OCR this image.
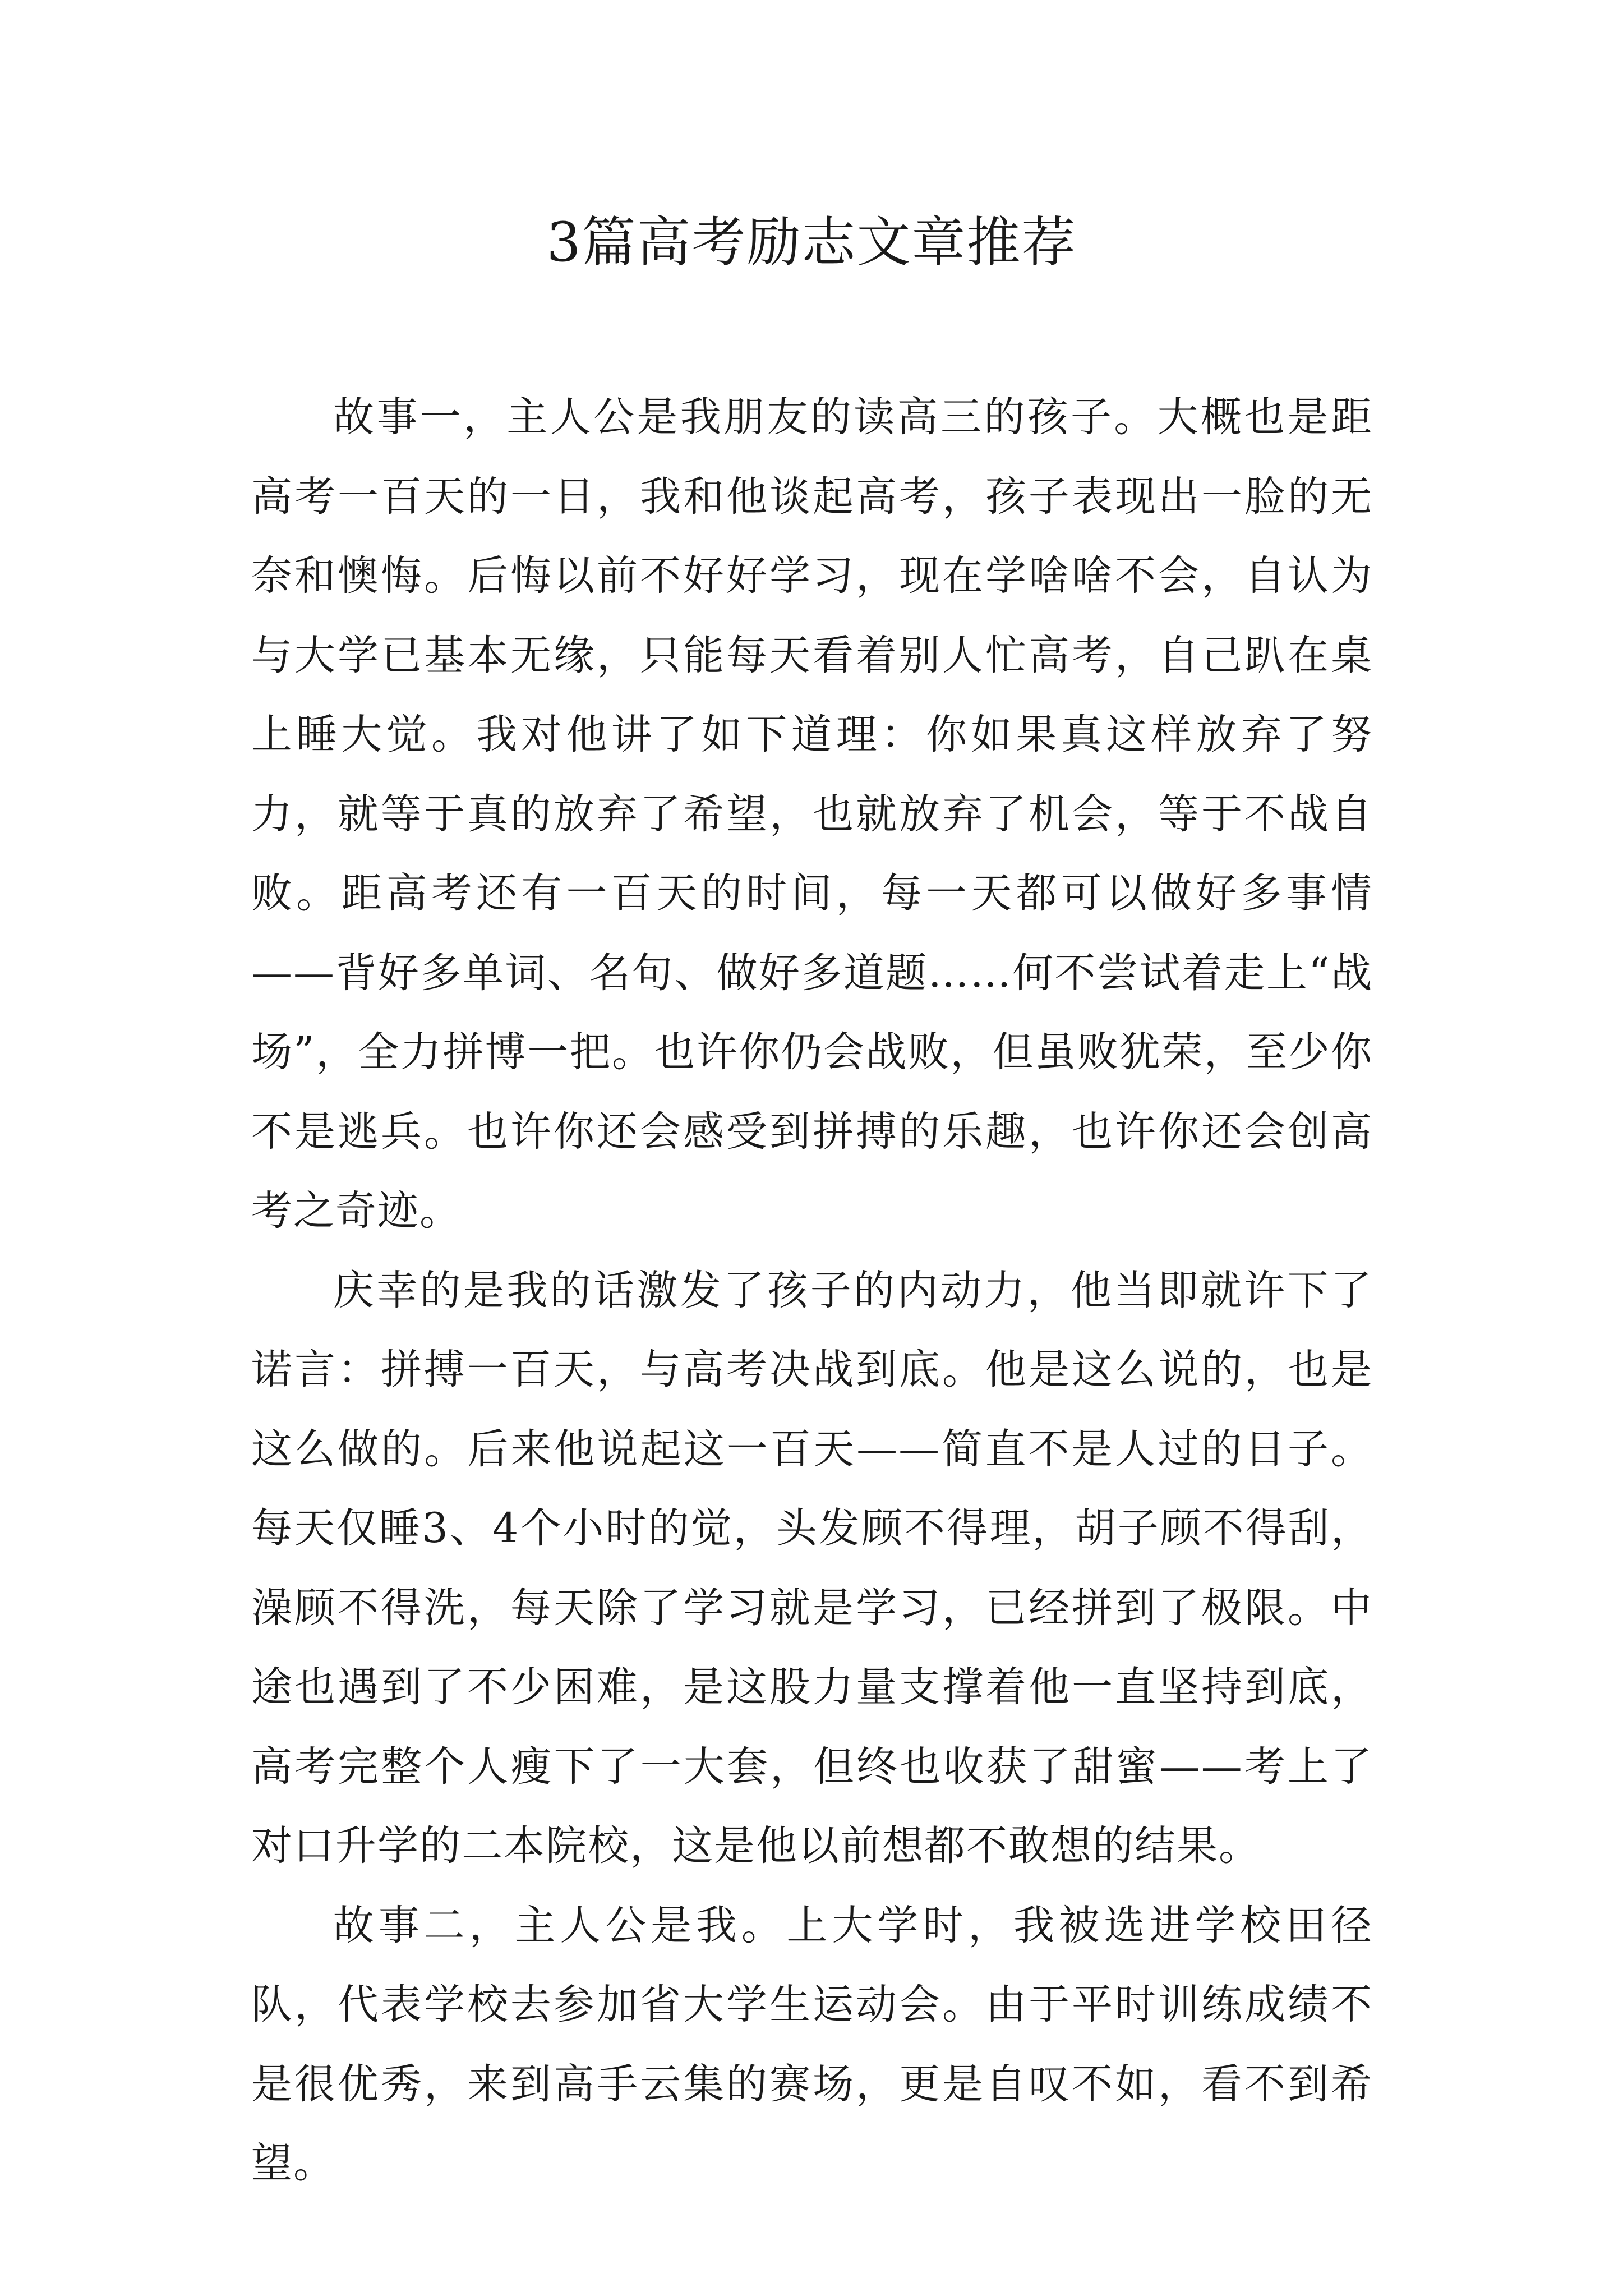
3篇高考励志文章推荐

故事一，主人公是我朋友的读高三的孩子。大概也是距高考一百天的一日，我和他谈起高考，孩子表现出一脸的无奈和懊悔。后悔以前不好好学习，现在学啥啥不会，自认为与大学已基本无缘，只能每天看着别人忙高考，自己趴在桌上睡大觉。我对他讲了如下道理：你如果真这样放弃了努力，就等于真的放弃了希望，也就放弃了机会，等于不战自败。距高考还有一百天的时间，每一天都可以做好多事情——背好多单词、名句、做好多道题……何不尝试着走上“战场”，全力拼博一把。也许你仍会战败，但虽败犹荣，至少你不是逃兵。也许你还会感受到拼搏的乐趣，也许你还会创高考之奇迹。

庆幸的是我的话激发了孩子的内动力，他当即就许下了诺言：拼搏一百天，与高考决战到底。他是这么说的，也是这么做的。后来他说起这一百天——简直不是人过的日子。每天仅睡3、4个小时的觉，头发顾不得理，胡子顾不得刮，澡顾不得洗，每天除了学习就是学习，已经拼到了极限。中途也遇到了不少困难，是这股力量支撑着他一直坚持到底，高考完整个人瘦下了一大套，但终也收获了甜蜜——考上了对口升学的二本院校，这是他以前想都不敢想的结果。

故事二，主人公是我。上大学时，我被选进学校田径队，代表学校去参加省大学生运动会。由于平时训练成绩不是很优秀，来到高手云集的赛场，更是自叹不如，看不到希望。
